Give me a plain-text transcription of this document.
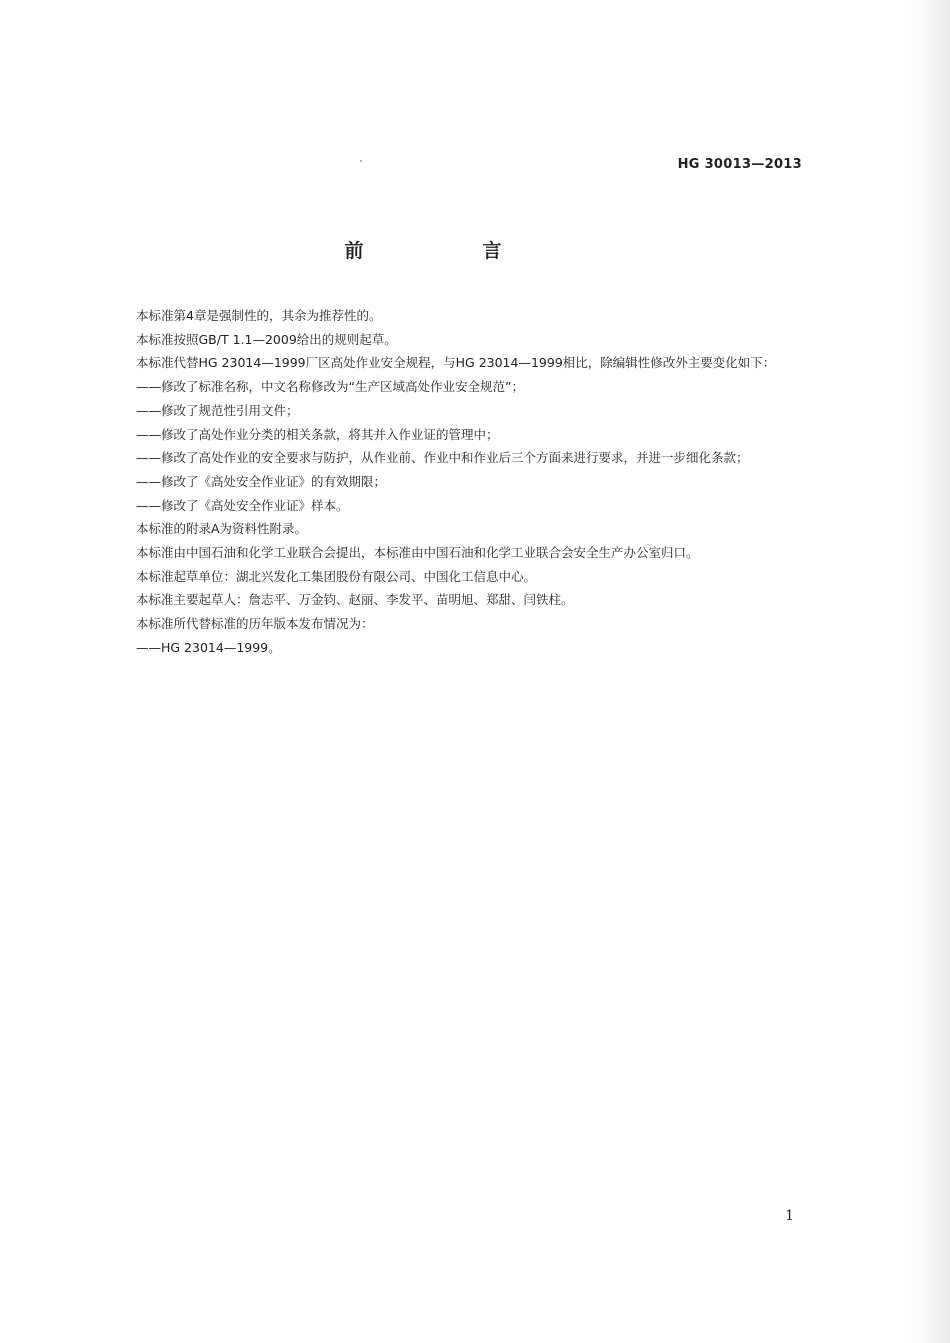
HG 30013—2013
前　言

本标准第4章是强制性的，其余为推荐性的。

本标准按照GB/T 1.1—2009给出的规则起草。

本标准代替HG 23014—1999厂区高处作业安全规程，与HG 23014—1999相比，除编辑性修改外主要变化如下：

——修改了标准名称，中文名称修改为“生产区域高处作业安全规范”；

——修改了规范性引用文件；

——修改了高处作业分类的相关条款，将其并入作业证的管理中；

——修改了高处作业的安全要求与防护，从作业前、作业中和作业后三个方面来进行要求，并进一步细化条款；

——修改了《高处安全作业证》的有效期限；

——修改了《高处安全作业证》样本。

本标准的附录A为资料性附录。

本标准由中国石油和化学工业联合会提出，本标准由中国石油和化学工业联合会安全生产办公室归口。

本标准起草单位：湖北兴发化工集团股份有限公司、中国化工信息中心。

本标准主要起草人：詹志平、万金钧、赵丽、李发平、苗明旭、郑甜、闫铁柱。

本标准所代替标准的历年版本发布情况为：

——HG 23014—1999。

1
